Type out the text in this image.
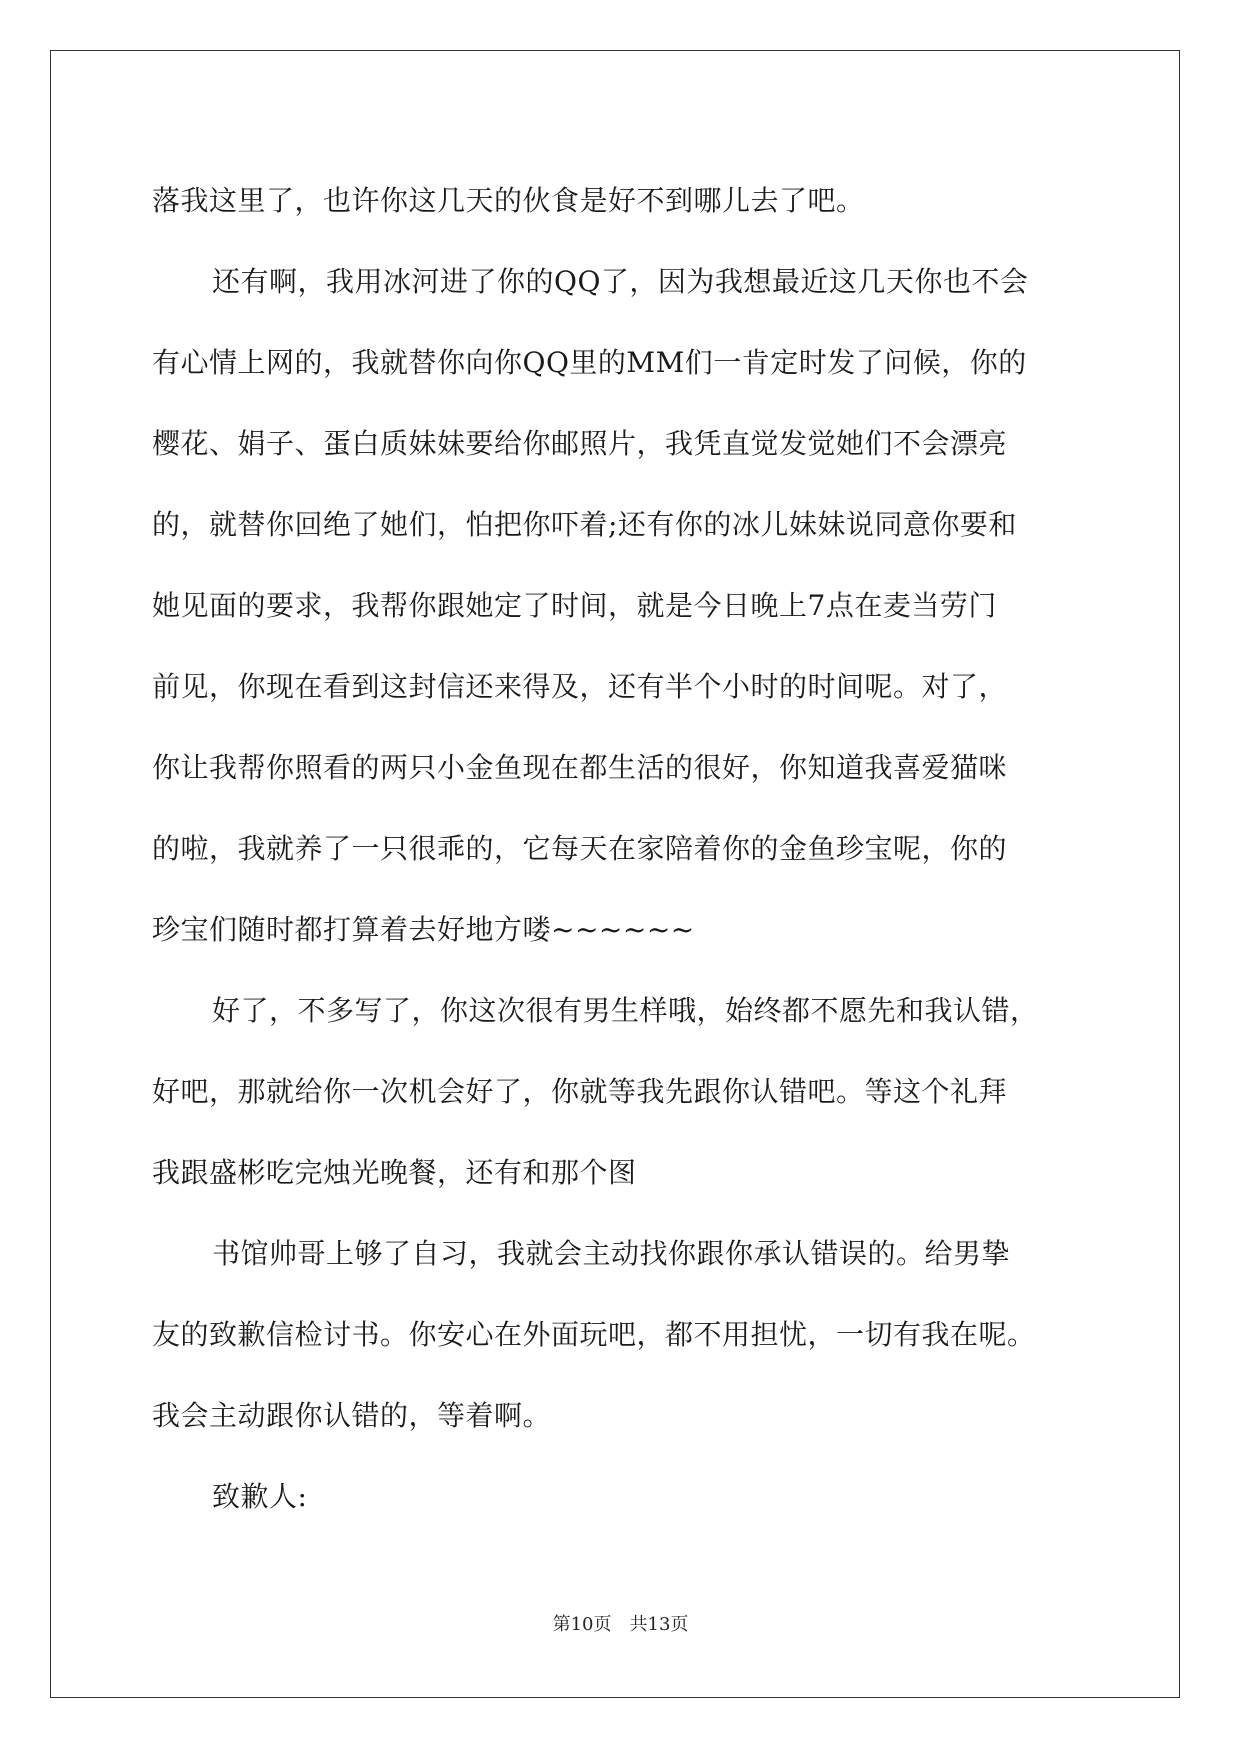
落我这里了，也许你这几天的伙食是好不到哪儿去了吧。
还有啊，我用冰河进了你的QQ了，因为我想最近这几天你也不会
有心情上网的，我就替你向你QQ里的MM们一肯定时发了问候，你的
樱花、娟子、蛋白质妹妹要给你邮照片，我凭直觉发觉她们不会漂亮
的，就替你回绝了她们，怕把你吓着;还有你的冰儿妹妹说同意你要和
她见面的要求，我帮你跟她定了时间，就是今日晚上7点在麦当劳门
前见，你现在看到这封信还来得及，还有半个小时的时间呢。对了，
你让我帮你照看的两只小金鱼现在都生活的很好，你知道我喜爱猫咪
的啦，我就养了一只很乖的，它每天在家陪着你的金鱼珍宝呢，你的
珍宝们随时都打算着去好地方喽~~~~~~
好了，不多写了，你这次很有男生样哦，始终都不愿先和我认错，
好吧，那就给你一次机会好了，你就等我先跟你认错吧。等这个礼拜
我跟盛彬吃完烛光晚餐，还有和那个图
书馆帅哥上够了自习，我就会主动找你跟你承认错误的。给男挚
友的致歉信检讨书。你安心在外面玩吧，都不用担忧，一切有我在呢。
我会主动跟你认错的，等着啊。
致歉人:
第10页　共13页
